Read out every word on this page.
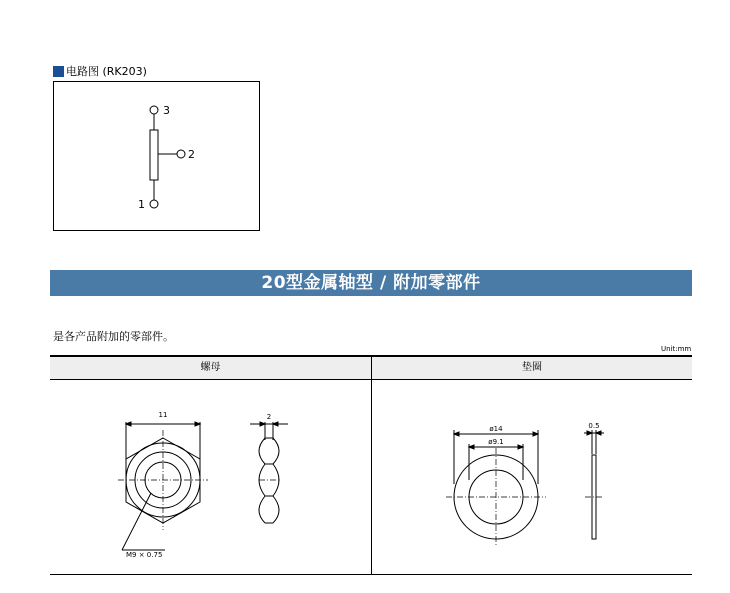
电路图 (RK203)
3
2
1
20型金属轴型 / 附加零部件
是各产品附加的零部件。
Unit:mm
螺母	垫圈
11	2
M9 × 0.75
ø14
ø9.1
0.5
